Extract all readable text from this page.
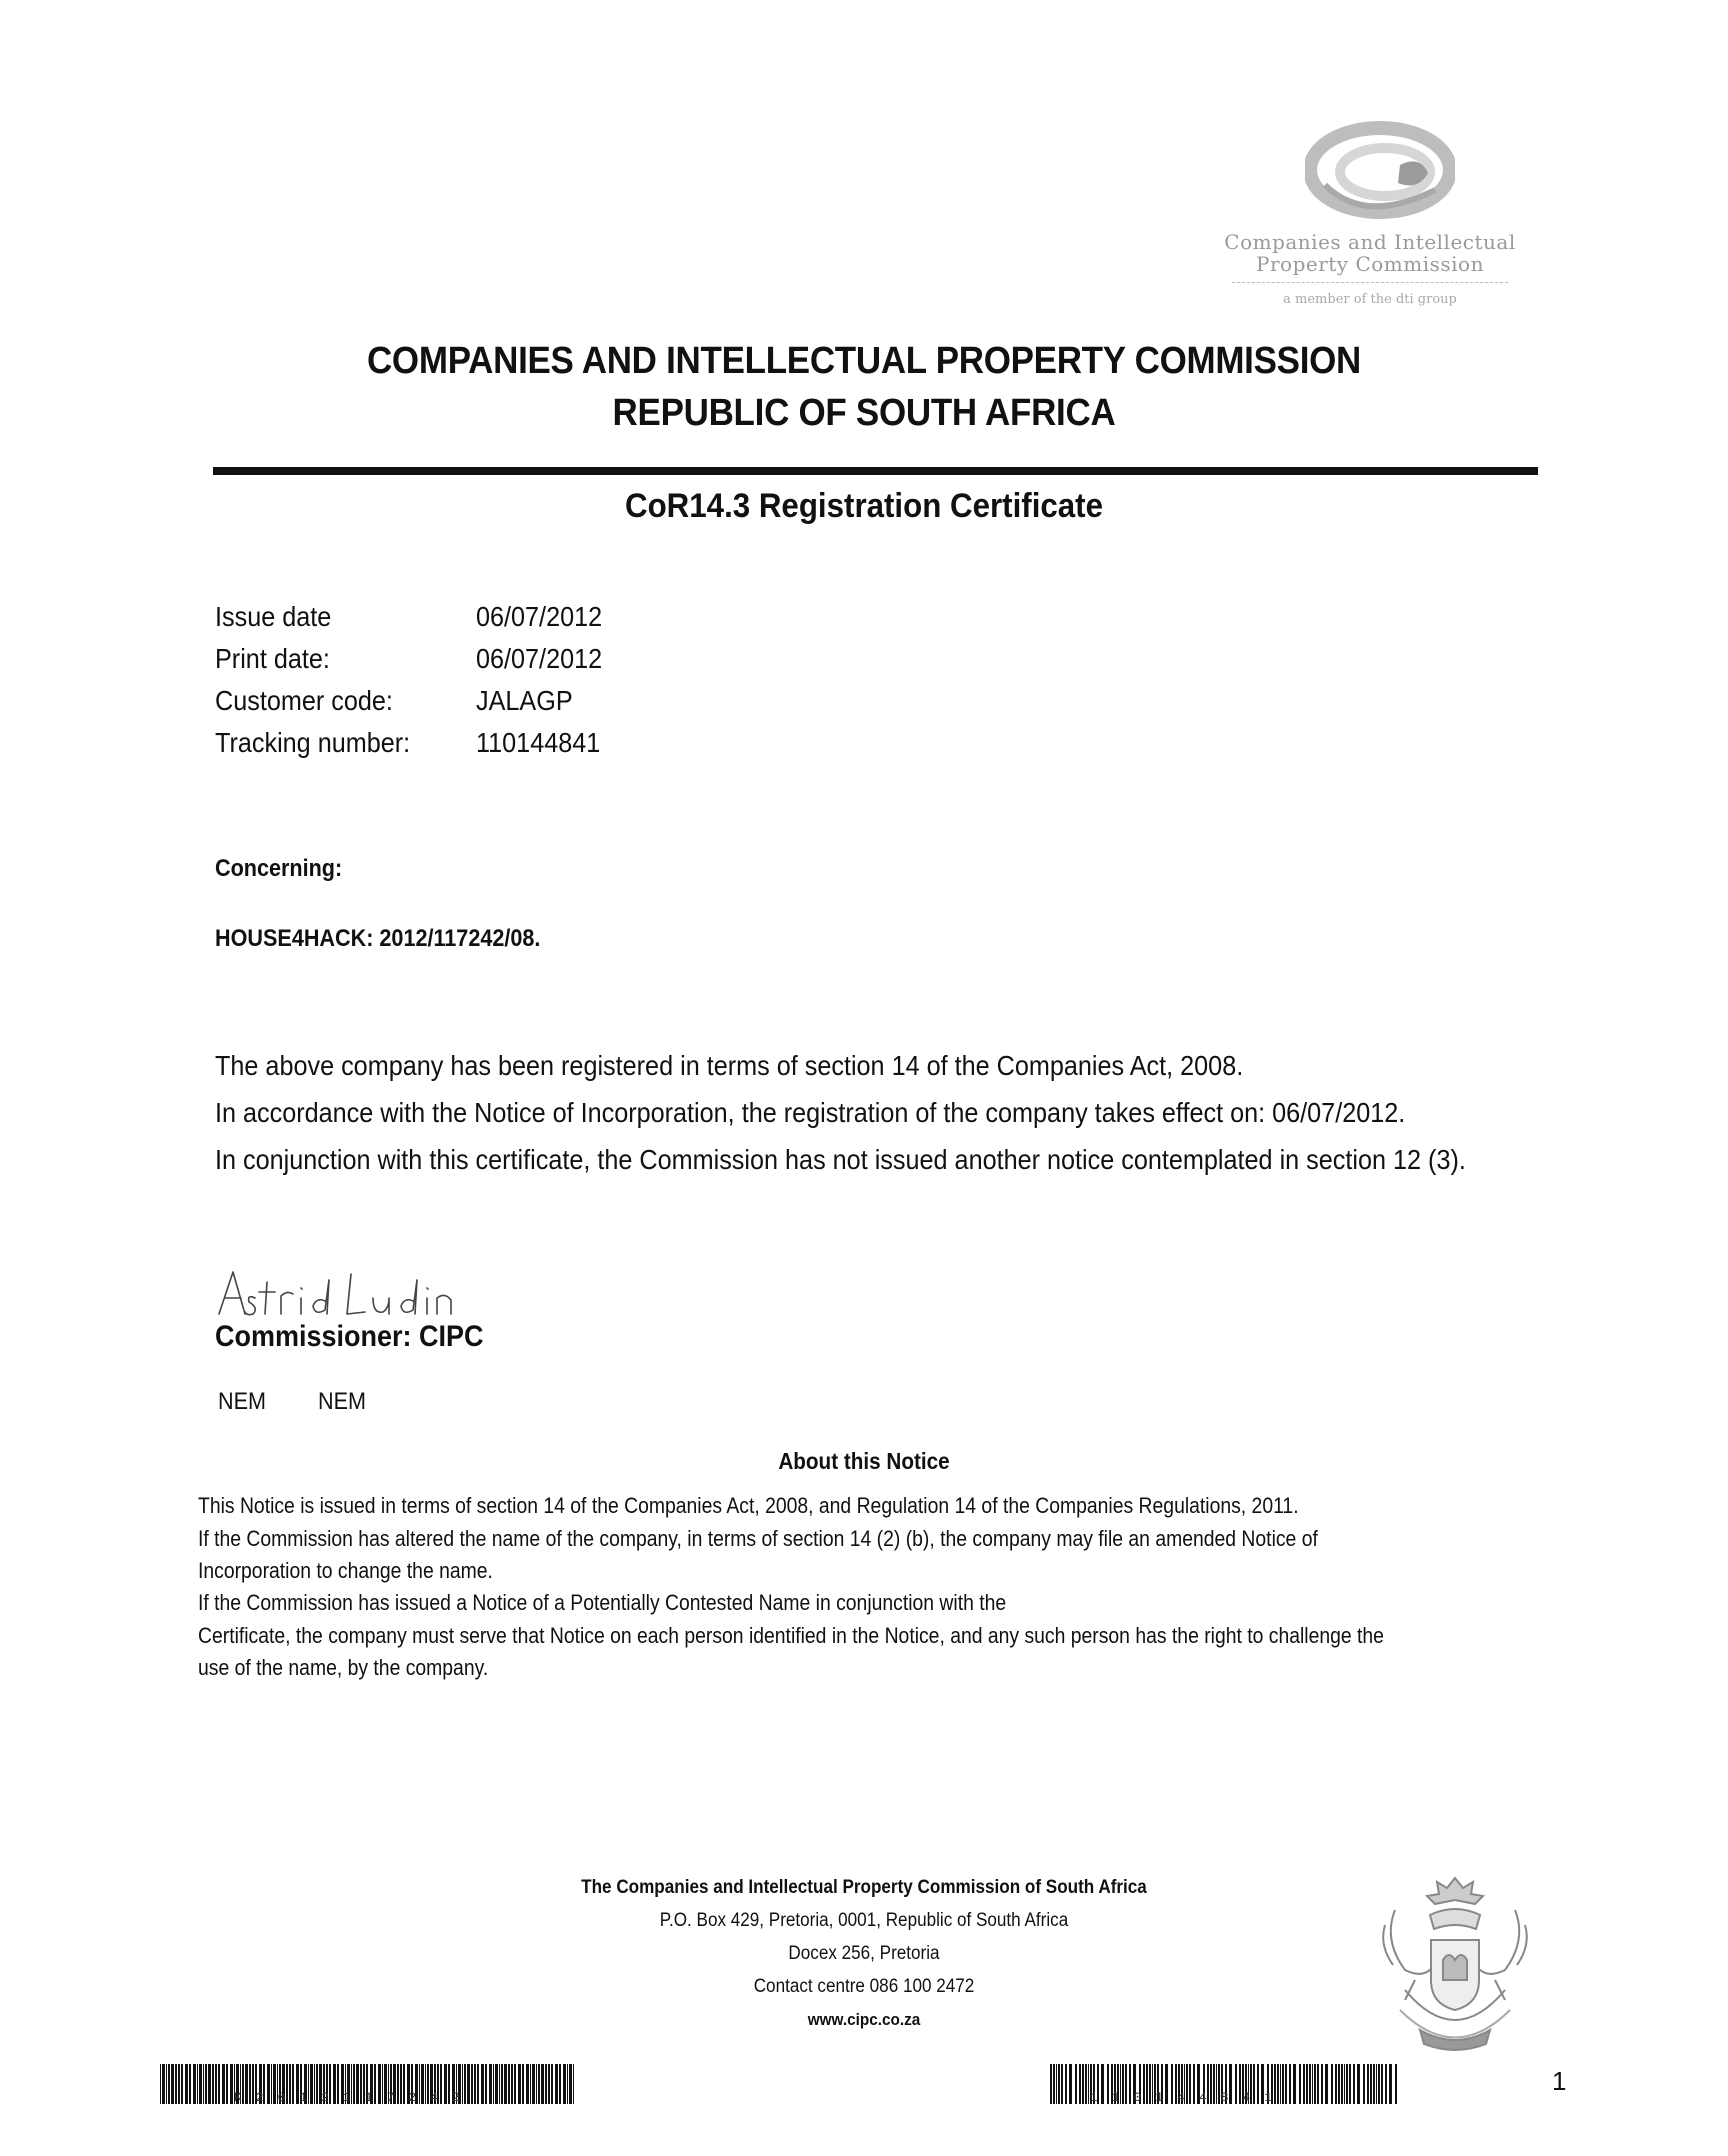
Companies and Intellectual
Property Commission
a member of the dti group
COMPANIES AND INTELLECTUAL PROPERTY COMMISSION
REPUBLIC OF SOUTH AFRICA
CoR14.3 Registration Certificate
Issue date	06/07/2012
Print date:	06/07/2012
Customer code:	JALAGP
Tracking number: 110144841
Concerning:
HOUSE4HACK: 2012/117242/08.
The above company has been registered in terms of section 14 of the Companies Act, 2008.
In accordance with the Notice of Incorporation, the registration of the company takes effect on: 06/07/2012.
In conjunction with this certificate, the Commission has not issued another notice contemplated in section 12 (3).
Commissioner: CIPC
NEM NEM
About this Notice
This Notice is issued in terms of section 14 of the Companies Act, 2008, and Regulation 14 of the Companies Regulations, 2011.
If the Commission has altered the name of the company, in terms of section 14 (2) (b), the company may file an amended Notice of
Incorporation to change the name.
If the Commission has issued a Notice of a Potentially Contested Name in conjunction with the
Certificate, the company must serve that Notice on each person identified in the Notice, and any such person has the right to challenge the
use of the name, by the company.
The Companies and Intellectual Property Commission of South Africa
P.O. Box 429, Pretoria, 0001, Republic of South Africa
Docex 256, Pretoria
Contact centre 086 100 2472
www.cipc.co.za
K2012117242	110144841
1
